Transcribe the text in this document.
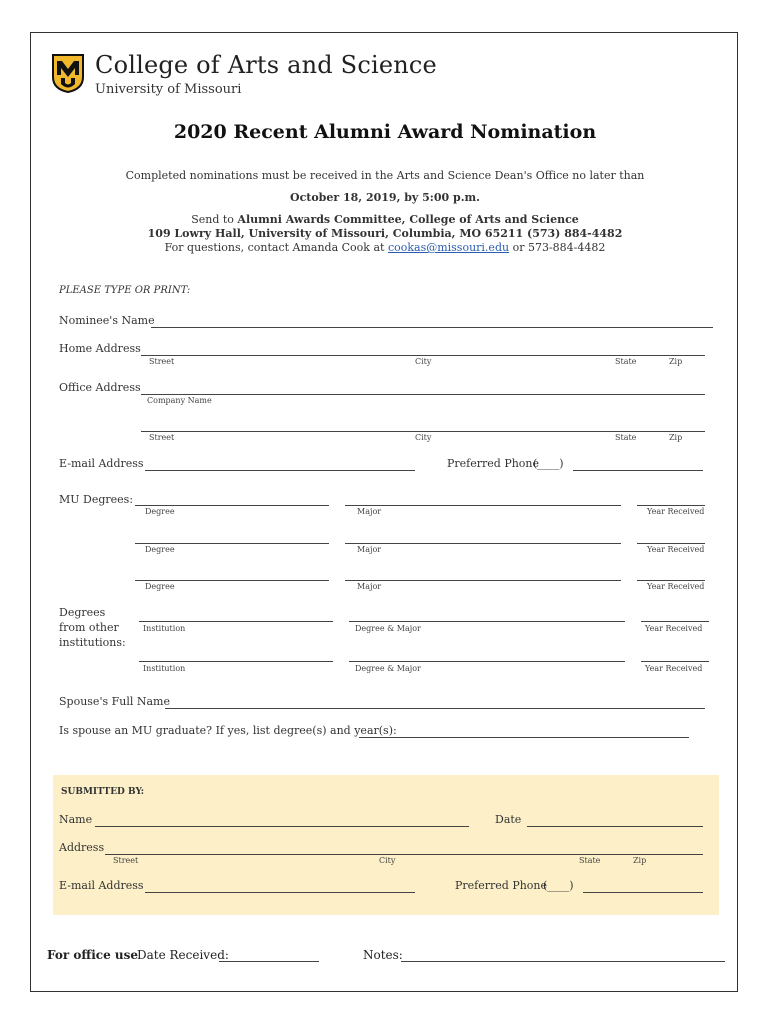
College of Arts and Science
University of Missouri
2020 Recent Alumni Award Nomination
Completed nominations must be received in the Arts and Science Dean's Office no later than
October 18, 2019, by 5:00 p.m.
Send to Alumni Awards Committee, College of Arts and Science
109 Lowry Hall, University of Missouri, Columbia, MO 65211 (573) 884-4482
For questions, contact Amanda Cook at cookas@missouri.edu or 573-884-4482
PLEASE TYPE OR PRINT:
Nominee's Name
Home Address
Street	City	State	Zip
Office Address
Company Name
Street	City	State	Zip
E-mail Address	Preferred Phone
(____)
MU Degrees:
Degree	Major	Year Received
Degree	Major	Year Received
Degree	Major	Year Received
Degrees from other institutions:
Institution	Degree & Major	Year Received
Institution	Degree & Major	Year Received
Spouse's Full Name
Is spouse an MU graduate? If yes, list degree(s) and year(s):
SUBMITTED BY:
Name	Date
Address
Street	City	State	Zip
E-mail Address	Preferred Phone
(____)
For office use
Date Received:	Notes:
